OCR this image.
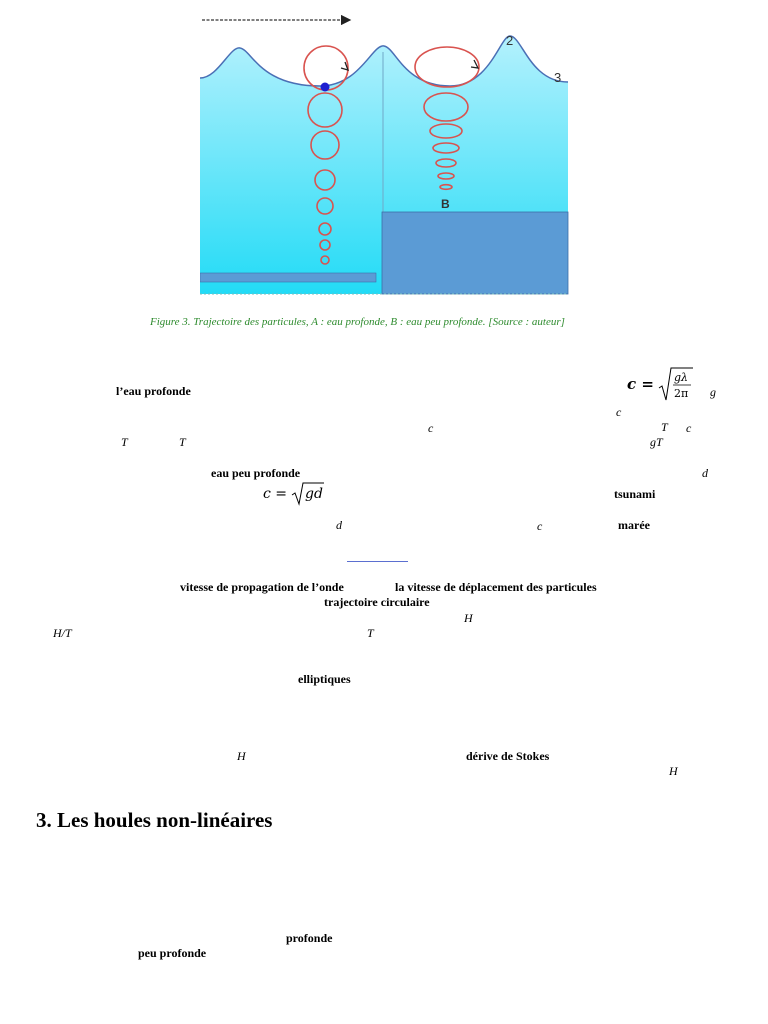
2
3
B
Figure 3. Trajectoire des particules, A : eau profonde, B : eau peu profonde. [Source : auteur]
l’eau profonde	c = gλ
2π g
c
c	T c
T	T	gT
eau peu profonde	d
c = gd	tsunami
d	c	marée
vitesse de propagation de l’onde	la vitesse de déplacement des particules
trajectoire circulaire
H
H/T	T
elliptiques
H	dérive de Stokes
H
3. Les houles non-linéaires
profonde
peu profonde
